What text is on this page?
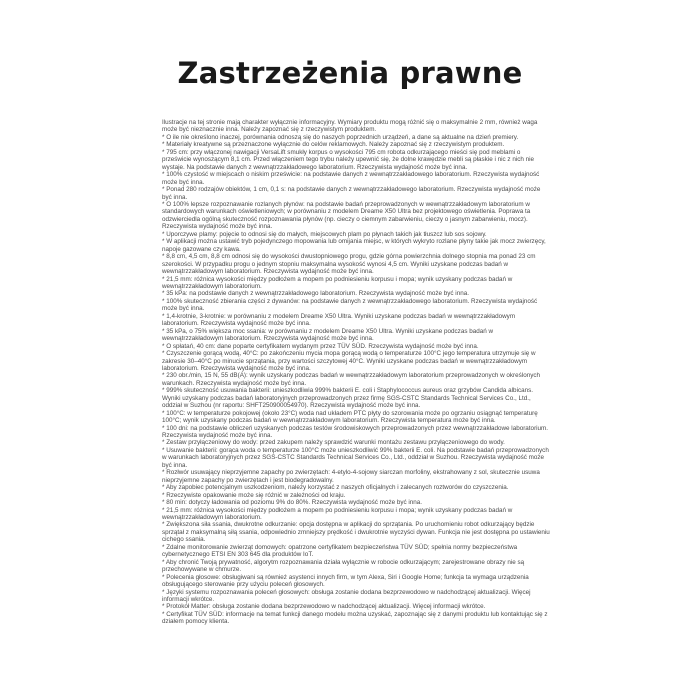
Zastrzeżenia prawne

Ilustracje na tej stronie mają charakter wyłącznie informacyjny. Wymiary produktu mogą różnić się o maksymalnie 2 mm, również waga może być nieznacznie inna. Należy zapoznać się z rzeczywistym produktem.

* O ile nie określono inaczej, porównania odnoszą się do naszych poprzednich urządzeń, a dane są aktualne na dzień premiery.

* Materiały kreatywne są przeznaczone wyłącznie do celów reklamowych. Należy zapoznać się z rzeczywistym produktem.

* 795 cm: przy włączonej nawigacji VersaLift smukły korpus o wysokości 795 cm robota odkurzającego mieści się pod meblami o prześwicie wynoszącym 8,1 cm. Przed włączeniem tego trybu należy upewnić się, że dolne krawędzie mebli są płaskie i nic z nich nie wystaje. Na podstawie danych z wewnątrzzakładowego laboratorium. Rzeczywista wydajność może być inna.

* 100% czystość w miejscach o niskim prześwicie: na podstawie danych z wewnątrzzakładowego laboratorium. Rzeczywista wydajność może być inna.

* Ponad 280 rodzajów obiektów, 1 cm, 0,1 s: na podstawie danych z wewnątrzzakładowego laboratorium. Rzeczywista wydajność może być inna.

* O 100% lepsze rozpoznawanie rozlanych płynów: na podstawie badań przeprowadzonych w wewnątrzzakładowym laboratorium w standardowych warunkach oświetleniowych; w porównaniu z modelem Dreame X50 Ultra bez projektowego oświetlenia. Poprawa ta odzwierciedla ogólną skuteczność rozpoznawania płynów (np. cieczy o ciemnym zabarwieniu, cieczy o jasnym zabarwieniu, mocz). Rzeczywista wydajność może być inna.

* Uporczywe plamy: pojęcie to odnosi się do małych, miejscowych plam po płynach takich jak tłuszcz lub sos sojowy.

* W aplikacji można ustawić tryb pojedynczego mopowania lub omijania miejsc, w których wykryto rozlane płyny takie jak mocz zwierzęcy, napoje gazowane czy kawa.

* 8,8 cm, 4,5 cm, 8,8 cm odnosi się do wysokości dwustopniowego progu, gdzie górna powierzchnia dolnego stopnia ma ponad 23 cm szerokości. W przypadku progu o jednym stopniu maksymalna wysokość wynosi 4,5 cm. Wyniki uzyskane podczas badań w wewnątrzzakładowym laboratorium. Rzeczywista wydajność może być inna.

* 21,5 mm: różnica wysokości między podłożem a mopem po podniesieniu korpusu i mopa; wynik uzyskany podczas badań w wewnątrzzakładowym laboratorium.

* 35 kPa: na podstawie danych z wewnątrzzakładowego laboratorium. Rzeczywista wydajność może być inna.

* 100% skuteczność zbierania części z dywanów: na podstawie danych z wewnątrzzakładowego laboratorium. Rzeczywista wydajność może być inna.

* 1,4-krotnie, 3-krotnie: w porównaniu z modelem Dreame X50 Ultra. Wyniki uzyskane podczas badań w wewnątrzzakładowym laboratorium. Rzeczywista wydajność może być inna.

* 35 kPa, o 75% większa moc ssania: w porównaniu z modelem Dreame X50 Ultra. Wyniki uzyskane podczas badań w wewnątrzzakładowym laboratorium. Rzeczywista wydajność może być inna.

* O spłatań, 40 cm: dane poparte certyfikatem wydanym przez TÜV SÜD. Rzeczywista wydajność może być inna.

* Czyszczenie gorącą wodą, 40°C: po zakończeniu mycia mopa gorącą wodą o temperaturze 100°C jego temperatura utrzymuje się w zakresie 30–40°C po minucie sprzątania, przy wartości szczytowej 40°C. Wyniki uzyskane podczas badań w wewnątrzzakładowym laboratorium. Rzeczywista wydajność może być inna.

* 230 obr./min, 15 N, 55 dB(A): wynik uzyskany podczas badań w wewnątrzzakładowym laboratorium przeprowadzonych w określonych warunkach. Rzeczywista wydajność może być inna.

* 999% skuteczność usuwania bakterii: unieszkodliwia 999% bakterii E. coli i Staphylococcus aureus oraz grzybów Candida albicans. Wyniki uzyskany podczas badań laboratoryjnych przeprowadzonych przez firmę SGS-CSTC Standards Technical Services Co., Ltd., oddział w Suzhou (nr raportu: SHFT250900054970). Rzeczywista wydajność może być inna.

* 100°C: w temperaturze pokojowej (około 23°C) woda nad układem PTC płyty do szorowania może po ogrzaniu osiągnąć temperaturę 100°C; wynik uzyskany podczas badań w wewnątrzzakładowym laboratorium. Rzeczywista temperatura może być inna.

* 100 dni: na podstawie obliczeń uzyskanych podczas testów środowiskowych przeprowadzonych przez wewnątrzzakładowe laboratorium. Rzeczywista wydajność może być inna.

* Zestaw przyłączeniowy do wody: przed zakupem należy sprawdzić warunki montażu zestawu przyłączeniowego do wody.

* Usuwanie bakterii: gorąca woda o temperaturze 100°C może unieszkodliwić 99% bakterii E. coli. Na podstawie badań przeprowadzonych w warunkach laboratoryjnych przez SGS-CSTC Standards Technical Services Co., Ltd., oddział w Suzhou. Rzeczywista wydajność może być inna.

* Rozłwór usuwający nieprzyjemne zapachy po zwierzętach: 4-etylo-4-sojowy siarczan morfoliny, ekstrahowany z sol, skutecznie usuwa nieprzyjemne zapachy po zwierzętach i jest biodegradowalny.

* Aby zapobiec potencjalnym uszkodzeniom, należy korzystać z naszych oficjalnych i zalecanych roztworów do czyszczenia.

* Rzeczywiste opakowanie może się różnić w zależności od kraju.

* 80 min: dotyczy ładowania od poziomu 9% do 80%. Rzeczywista wydajność może być inna.

* 21,5 mm: różnica wysokości między podłożem a mopem po podniesieniu korpusu i mopa; wynik uzyskany podczas badań w wewnątrzzakładowym laboratorium.

* Zwiększona siła ssania, dwukrotne odkurzanie: opcja dostępna w aplikacji do sprzątania. Po uruchomieniu robot odkurzający będzie sprzątał z maksymalną siłą ssania, odpowiednio zmniejszy prędkość i dwukrotnie wyczyści dywan. Funkcja nie jest dostępna po ustawieniu cichego ssania.

* Zdalne monitorowanie zwierząt domowych: opatrzone certyfikatem bezpieczeństwa TÜV SÜD; spełnia normy bezpieczeństwa cybernetycznego ETSI EN 303 645 dla produktów IoT.

* Aby chronić Twoją prywatność, algorytm rozpoznawania działa wyłącznie w robocie odkurzającym; zarejestrowane obrazy nie są przechowywane w chmurze.

* Polecenia głosowe: obsługiwani są również asystenci innych firm, w tym Alexa, Siri i Google Home; funkcja ta wymaga urządzenia obsługującego sterowanie przy użyciu poleceń głosowych.

* Języki systemu rozpoznawania poleceń głosowych: obsługa zostanie dodana bezprzewodowo w nadchodzącej aktualizacji. Więcej informacji wkrótce.

* Protokół Matter: obsługa zostanie dodana bezprzewodowo w nadchodzącej aktualizacji. Więcej informacji wkrótce.

* Certyfikat TÜV SÜD: informacje na temat funkcji danego modelu można uzyskać, zapoznając się z danymi produktu lub kontaktując się z działem pomocy klienta.
